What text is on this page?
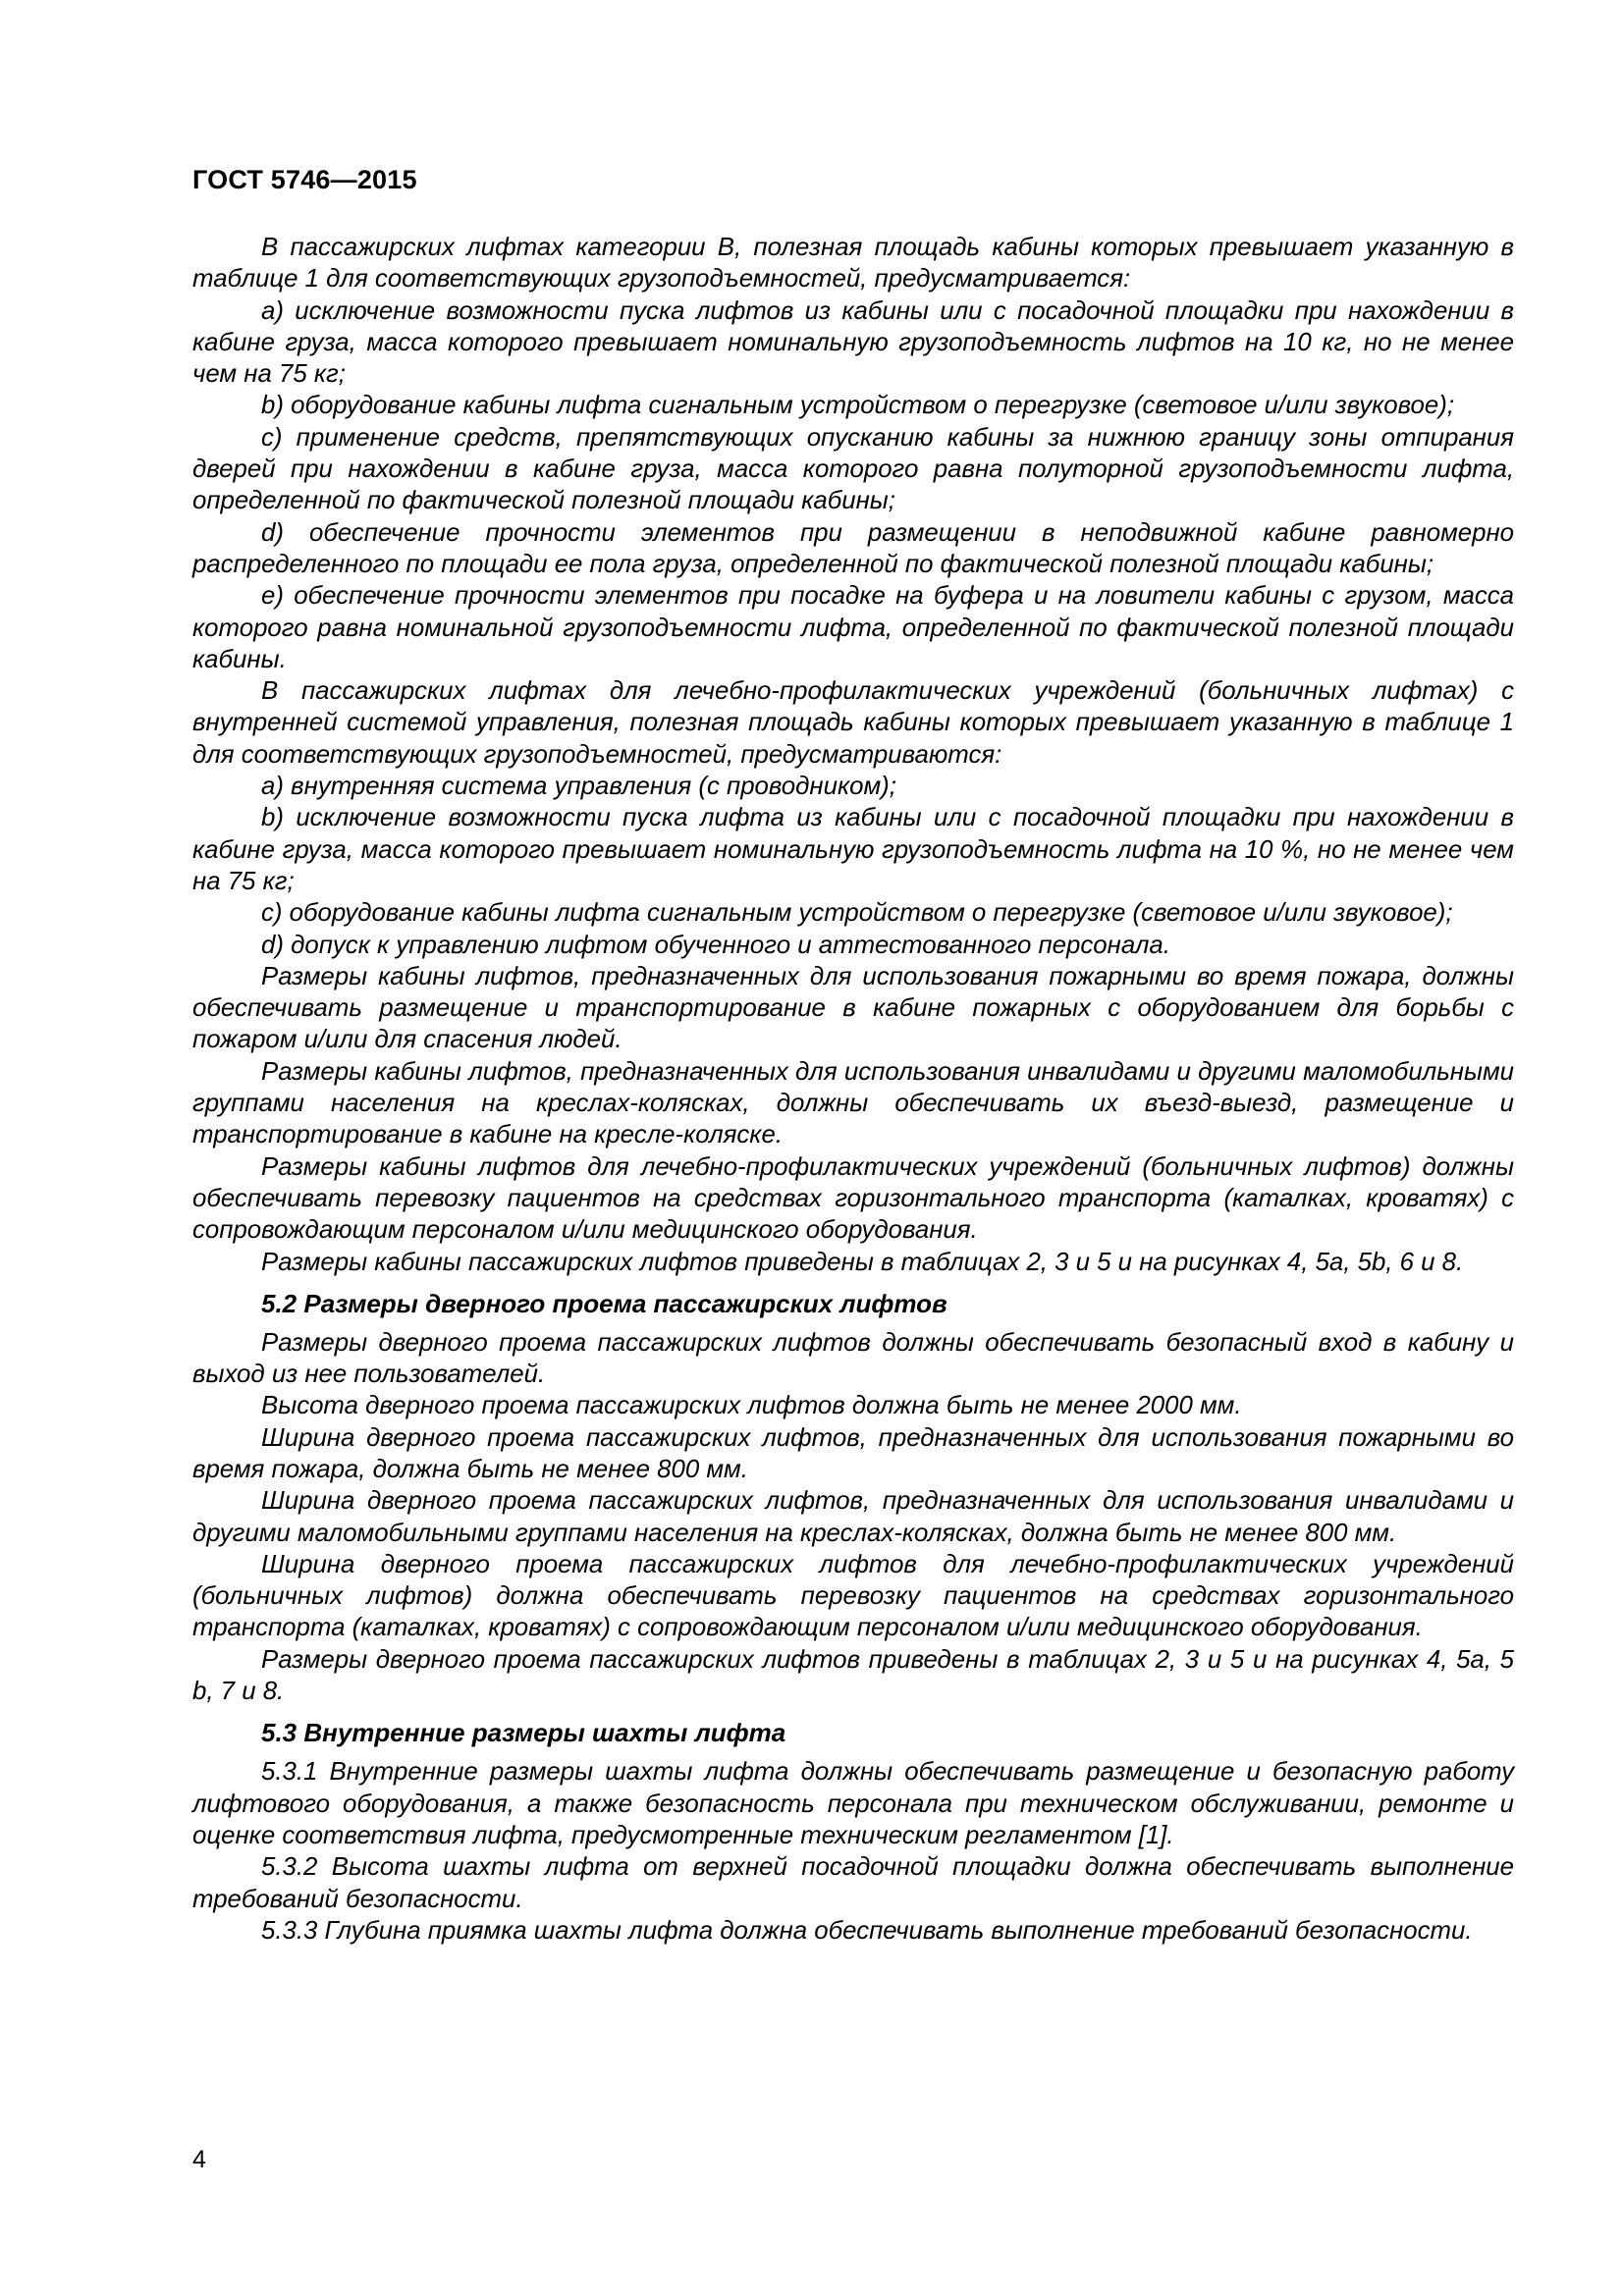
ГОСТ 5746—2015

В пассажирских лифтах категории В, полезная площадь кабины которых превышает указанную в таблице 1 для соответствующих грузоподъемностей, предусматривается:

a) исключение возможности пуска лифтов из кабины или с посадочной площадки при нахождении в кабине груза, масса которого превышает номинальную грузоподъемность лифтов на 10 кг, но не менее чем на 75 кг;

b) оборудование кабины лифта сигнальным устройством о перегрузке (световое и/или звуковое);

c) применение средств, препятствующих опусканию кабины за нижнюю границу зоны отпирания дверей при нахождении в кабине груза, масса которого равна полуторной грузоподъемности лифта, определенной по фактической полезной площади кабины;

d) обеспечение прочности элементов при размещении в неподвижной кабине равномерно распределенного по площади ее пола груза, определенной по фактической полезной площади кабины;

e) обеспечение прочности элементов при посадке на буфера и на ловители кабины с грузом, масса которого равна номинальной грузоподъемности лифта, определенной по фактической полезной площади кабины.

В пассажирских лифтах для лечебно-профилактических учреждений (больничных лифтах) с внутренней системой управления, полезная площадь кабины которых превышает указанную в таблице 1 для соответствующих грузоподъемностей, предусматриваются:

a) внутренняя система управления (с проводником);

b) исключение возможности пуска лифта из кабины или с посадочной площадки при нахождении в кабине груза, масса которого превышает номинальную грузоподъемность лифта на 10 %, но не менее чем на 75 кг;

c) оборудование кабины лифта сигнальным устройством о перегрузке (световое и/или звуковое);

d) допуск к управлению лифтом обученного и аттестованного персонала.

Размеры кабины лифтов, предназначенных для использования пожарными во время пожара, должны обеспечивать размещение и транспортирование в кабине пожарных с оборудованием для борьбы с пожаром и/или для спасения людей.

Размеры кабины лифтов, предназначенных для использования инвалидами и другими маломобильными группами населения на креслах-колясках, должны обеспечивать их въезд-выезд, размещение и транспортирование в кабине на кресле-коляске.

Размеры кабины лифтов для лечебно-профилактических учреждений (больничных лифтов) должны обеспечивать перевозку пациентов на средствах горизонтального транспорта (каталках, кроватях) с сопровождающим персоналом и/или медицинского оборудования.

Размеры кабины пассажирских лифтов приведены в таблицах 2, 3 и 5 и на рисунках 4, 5а, 5b, 6 и 8.

5.2 Размеры дверного проема пассажирских лифтов

Размеры дверного проема пассажирских лифтов должны обеспечивать безопасный вход в кабину и выход из нее пользователей.

Высота дверного проема пассажирских лифтов должна быть не менее 2000 мм.

Ширина дверного проема пассажирских лифтов, предназначенных для использования пожарными во время пожара, должна быть не менее 800 мм.

Ширина дверного проема пассажирских лифтов, предназначенных для использования инвалидами и другими маломобильными группами населения на креслах-колясках, должна быть не менее 800 мм.

Ширина дверного проема пассажирских лифтов для лечебно-профилактических учреждений (больничных лифтов) должна обеспечивать перевозку пациентов на средствах горизонтального транспорта (каталках, кроватях) с сопровождающим персоналом и/или медицинского оборудования.

Размеры дверного проема пассажирских лифтов приведены в таблицах 2, 3 и 5 и на рисунках 4, 5а, 5 b, 7 и 8.

5.3 Внутренние размеры шахты лифта

5.3.1 Внутренние размеры шахты лифта должны обеспечивать размещение и безопасную работу лифтового оборудования, а также безопасность персонала при техническом обслуживании, ремонте и оценке соответствия лифта, предусмотренные техническим регламентом [1].

5.3.2 Высота шахты лифта от верхней посадочной площадки должна обеспечивать выполнение требований безопасности.

5.3.3 Глубина приямка шахты лифта должна обеспечивать выполнение требований безопасности.

4
